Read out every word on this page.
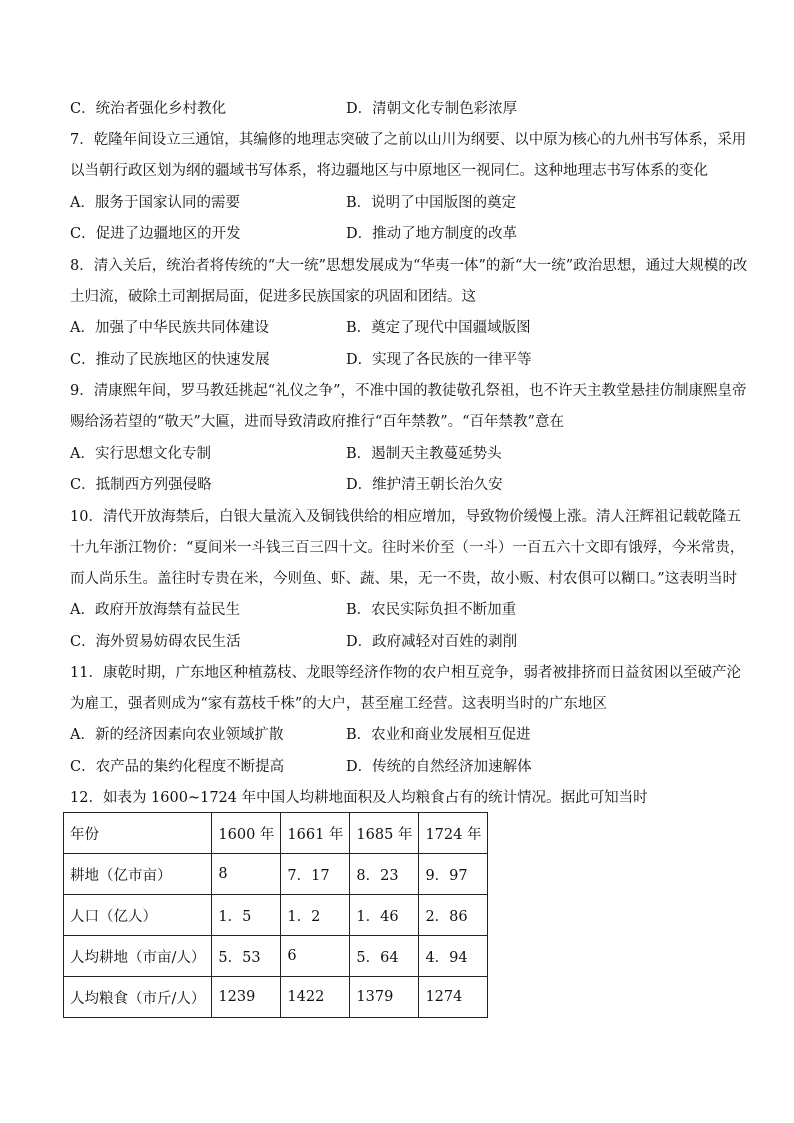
C．统治者强化乡村教化	D．清朝文化专制色彩浓厚
7．乾隆年间设立三通馆，其编修的地理志突破了之前以山川为纲要、以中原为核心的九州书写体系，采用
以当朝行政区划为纲的疆域书写体系，将边疆地区与中原地区一视同仁。这种地理志书写体系的变化
A．服务于国家认同的需要	B．说明了中国版图的奠定
C．促进了边疆地区的开发	D．推动了地方制度的改革
8．清入关后，统治者将传统的“大一统”思想发展成为“华夷一体”的新“大一统”政治思想，通过大规模的改
土归流，破除土司割据局面，促进多民族国家的巩固和团结。这
A．加强了中华民族共同体建设	B．奠定了现代中国疆域版图
C．推动了民族地区的快速发展	D．实现了各民族的一律平等
9．清康熙年间，罗马教廷挑起“礼仪之争”，不准中国的教徒敬孔祭祖，也不许天主教堂悬挂仿制康熙皇帝
赐给汤若望的“敬天”大匾，进而导致清政府推行“百年禁教”。“百年禁教”意在
A．实行思想文化专制	B．遏制天主教蔓延势头
C．抵制西方列强侵略	D．维护清王朝长治久安
10．清代开放海禁后，白银大量流入及铜钱供给的相应增加，导致物价缓慢上涨。清人汪辉祖记载乾隆五
十九年浙江物价：“夏间米一斗钱三百三四十文。往时米价至（一斗）一百五六十文即有饿殍，今米常贵，
而人尚乐生。盖往时专贵在米，今则鱼、虾、蔬、果，无一不贵，故小贩、村农俱可以糊口。”这表明当时
A．政府开放海禁有益民生	B．农民实际负担不断加重
C．海外贸易妨碍农民生活	D．政府减轻对百姓的剥削
11．康乾时期，广东地区种植荔枝、龙眼等经济作物的农户相互竞争，弱者被排挤而日益贫困以至破产沦
为雇工，强者则成为“家有荔枝千株”的大户，甚至雇工经营。这表明当时的广东地区
A．新的经济因素向农业领域扩散	B．农业和商业发展相互促进
C．农产品的集约化程度不断提高	D．传统的自然经济加速解体
12．如表为 1600~1724 年中国人均耕地面积及人均粮食占有的统计情况。据此可知当时
年份	1600 年	1661 年	1685 年	1724 年
耕地（亿市亩）	8	7．17	8．23	9．97
人口（亿人）	1．5	1．2	1．46	2．86
人均耕地（市亩/人）	5．53	6	5．64	4．94
人均粮食（市斤/人）	1239	1422	1379	1274
